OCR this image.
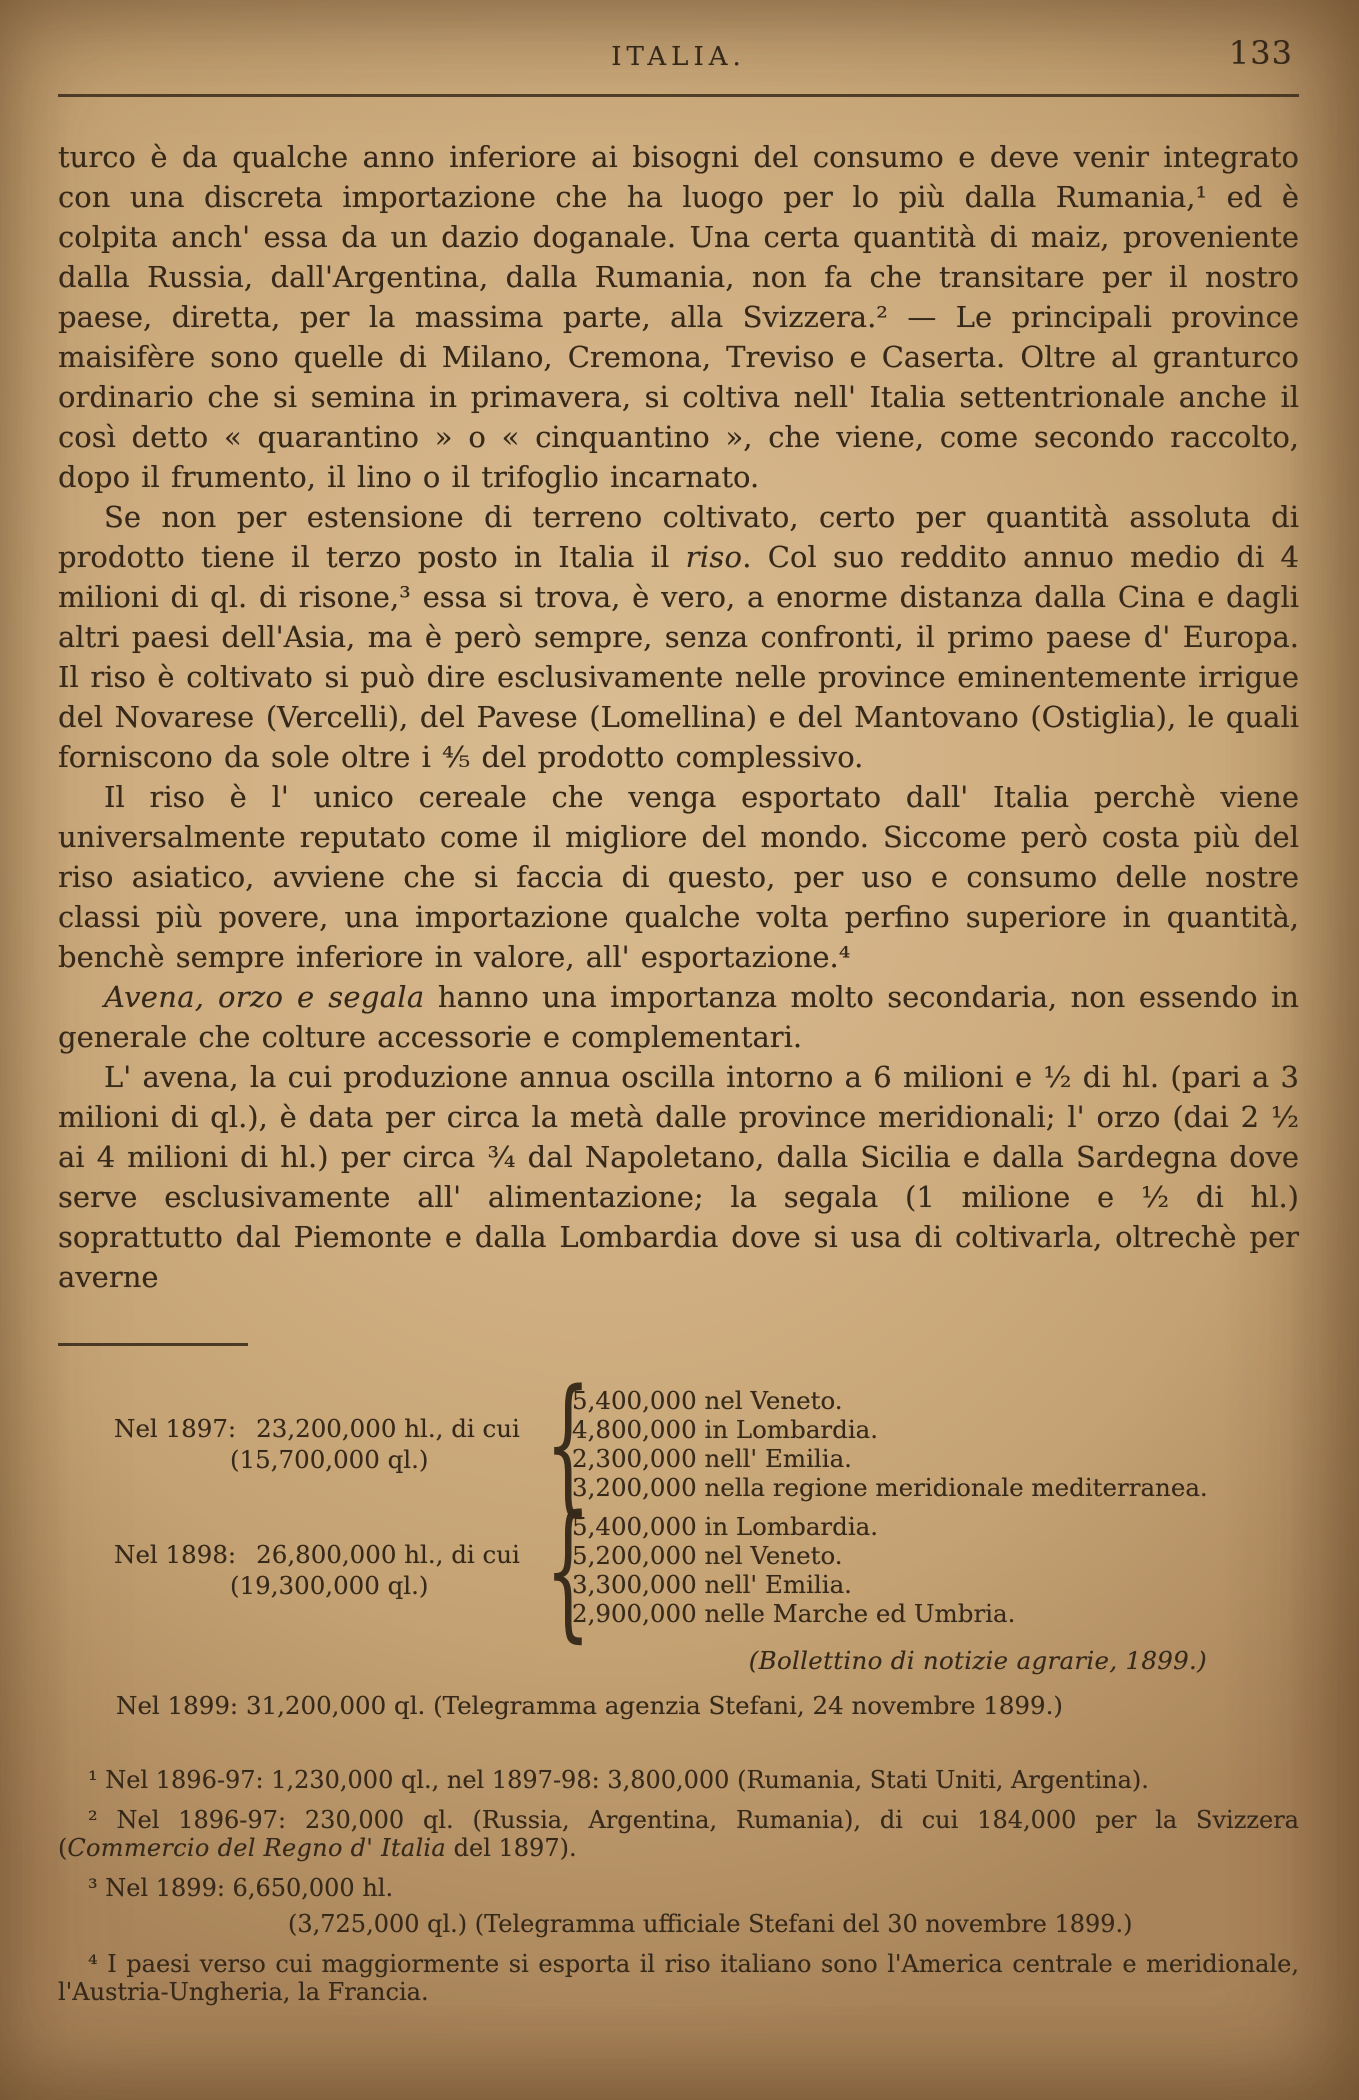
ITALIA.	133

turco è da qualche anno inferiore ai bisogni del consumo e deve venir integrato con una discreta importazione che ha luogo per lo più dalla Rumania,¹ ed è colpita anch' essa da un dazio doganale. Una certa quantità di maiz, proveniente dalla Russia, dall'Argentina, dalla Rumania, non fa che transitare per il nostro paese, diretta, per la massima parte, alla Svizzera.² — Le principali province maisifère sono quelle di Milano, Cremona, Treviso e Caserta. Oltre al granturco ordinario che si semina in primavera, si coltiva nell' Italia settentrionale anche il così detto « quarantino » o « cinquantino », che viene, come secondo raccolto, dopo il frumento, il lino o il trifoglio incarnato.

Se non per estensione di terreno coltivato, certo per quantità assoluta di prodotto tiene il terzo posto in Italia il riso. Col suo reddito annuo medio di 4 milioni di ql. di risone,³ essa si trova, è vero, a enorme distanza dalla Cina e dagli altri paesi dell'Asia, ma è però sempre, senza confronti, il primo paese d' Europa. Il riso è coltivato si può dire esclusivamente nelle province eminentemente irrigue del Novarese (Vercelli), del Pavese (Lomellina) e del Mantovano (Ostiglia), le quali forniscono da sole oltre i ⁴⁄₅ del prodotto complessivo.

Il riso è l' unico cereale che venga esportato dall' Italia perchè viene universalmente reputato come il migliore del mondo. Siccome però costa più del riso asiatico, avviene che si faccia di questo, per uso e consumo delle nostre classi più povere, una importazione qualche volta perfino superiore in quantità, benchè sempre inferiore in valore, all' esportazione.⁴

Avena, orzo e segala hanno una importanza molto secondaria, non essendo in generale che colture accessorie e complementari.

L' avena, la cui produzione annua oscilla intorno a 6 milioni e ¹⁄₂ di hl. (pari a 3 milioni di ql.), è data per circa la metà dalle province meridionali; l' orzo (dai 2 ¹⁄₂ ai 4 milioni di hl.) per circa ³⁄₄ dal Napoletano, dalla Sicilia e dalla Sardegna dove serve esclusivamente all' alimentazione; la segala (1 milione e ¹⁄₂ di hl.) soprattutto dal Piemonte e dalla Lombardia dove si usa di coltivarla, oltrechè per averne

Nel 1897: 23,200,000 hl., di cui
(15,700,000 ql.) {
5,400,000 nel Veneto.
4,800,000 in Lombardia.
2,300,000 nell' Emilia.
3,200,000 nella regione meridionale mediterranea.
Nel 1898: 26,800,000 hl., di cui
(19,300,000 ql.) {
5,400,000 in Lombardia.
5,200,000 nel Veneto.
3,300,000 nell' Emilia.
2,900,000 nelle Marche ed Umbria.
(Bollettino di notizie agrarie, 1899.)
Nel 1899: 31,200,000 ql. (Telegramma agenzia Stefani, 24 novembre 1899.)

¹ Nel 1896-97: 1,230,000 ql., nel 1897-98: 3,800,000 (Rumania, Stati Uniti, Argentina).

² Nel 1896-97: 230,000 ql. (Russia, Argentina, Rumania), di cui 184,000 per la Svizzera (Commercio del Regno d' Italia del 1897).

³ Nel 1899: 6,650,000 hl.

(3,725,000 ql.) (Telegramma ufficiale Stefani del 30 novembre 1899.)

⁴ I paesi verso cui maggiormente si esporta il riso italiano sono l'America centrale e meridionale, l'Austria-Ungheria, la Francia.
